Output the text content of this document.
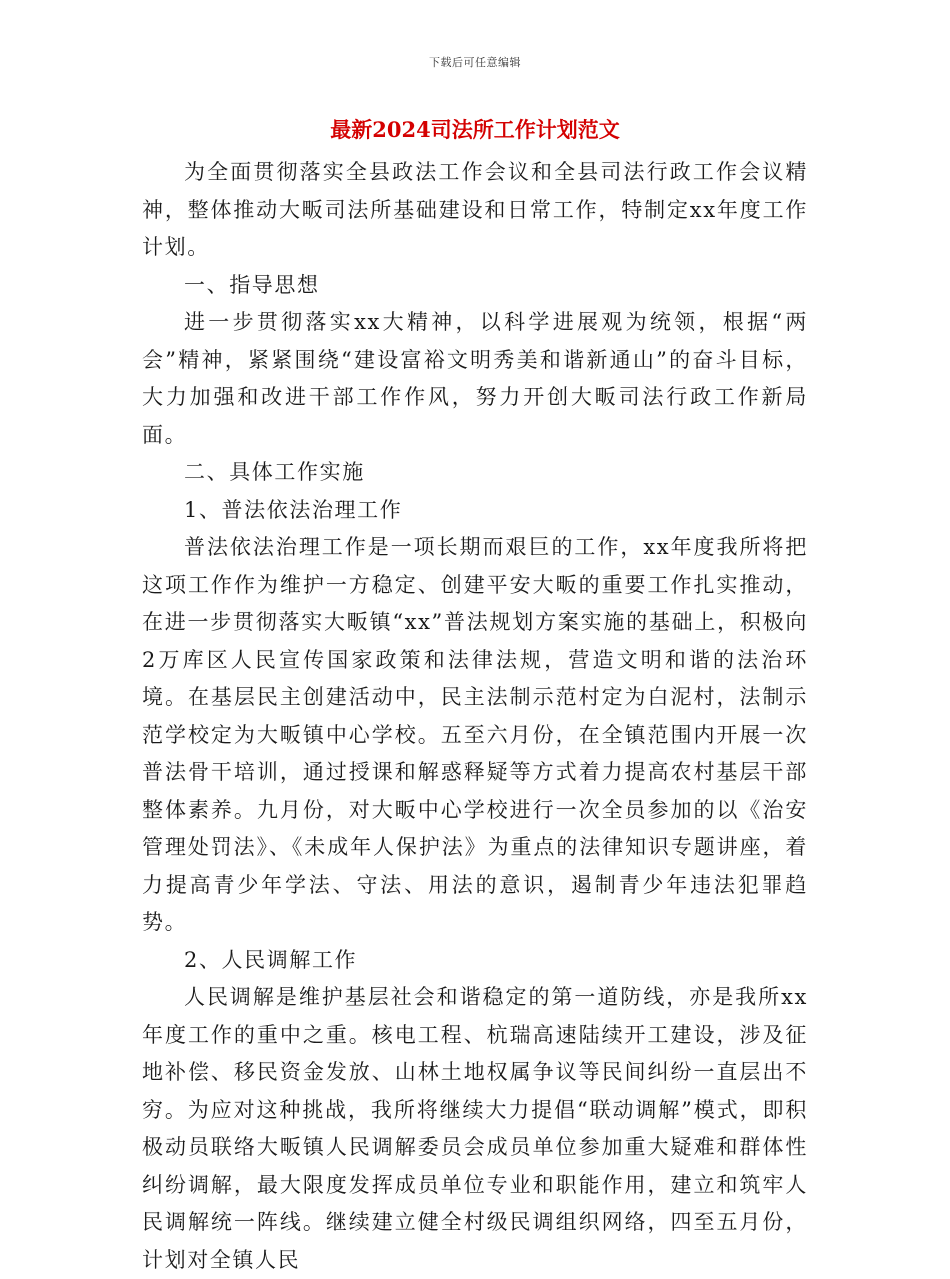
下载后可任意编辑
最新2024司法所工作计划范文

为全面贯彻落实全县政法工作会议和全县司法行政工作会议精神，整体推动大畈司法所基础建设和日常工作，特制定xx年度工作计划。

一、指导思想

进一步贯彻落实xx大精神，以科学进展观为统领，根据“两会”精神，紧紧围绕“建设富裕文明秀美和谐新通山”的奋斗目标，大力加强和改进干部工作作风，努力开创大畈司法行政工作新局面。

二、具体工作实施

1、普法依法治理工作

普法依法治理工作是一项长期而艰巨的工作，xx年度我所将把这项工作作为维护一方稳定、创建平安大畈的重要工作扎实推动，在进一步贯彻落实大畈镇“xx”普法规划方案实施的基础上，积极向2万库区人民宣传国家政策和法律法规，营造文明和谐的法治环境。在基层民主创建活动中，民主法制示范村定为白泥村，法制示范学校定为大畈镇中心学校。五至六月份，在全镇范围内开展一次普法骨干培训，通过授课和解惑释疑等方式着力提高农村基层干部整体素养。九月份，对大畈中心学校进行一次全员参加的以《治安管理处罚法》、《未成年人保护法》为重点的法律知识专题讲座，着力提高青少年学法、守法、用法的意识，遏制青少年违法犯罪趋势。

2、人民调解工作

人民调解是维护基层社会和谐稳定的第一道防线，亦是我所xx年度工作的重中之重。核电工程、杭瑞高速陆续开工建设，涉及征地补偿、移民资金发放、山林土地权属争议等民间纠纷一直层出不穷。为应对这种挑战，我所将继续大力提倡“联动调解”模式，即积极动员联络大畈镇人民调解委员会成员单位参加重大疑难和群体性纠纷调解，最大限度发挥成员单位专业和职能作用，建立和筑牢人民调解统一阵线。继续建立健全村级民调组织网络，四至五月份，计划对全镇人民
